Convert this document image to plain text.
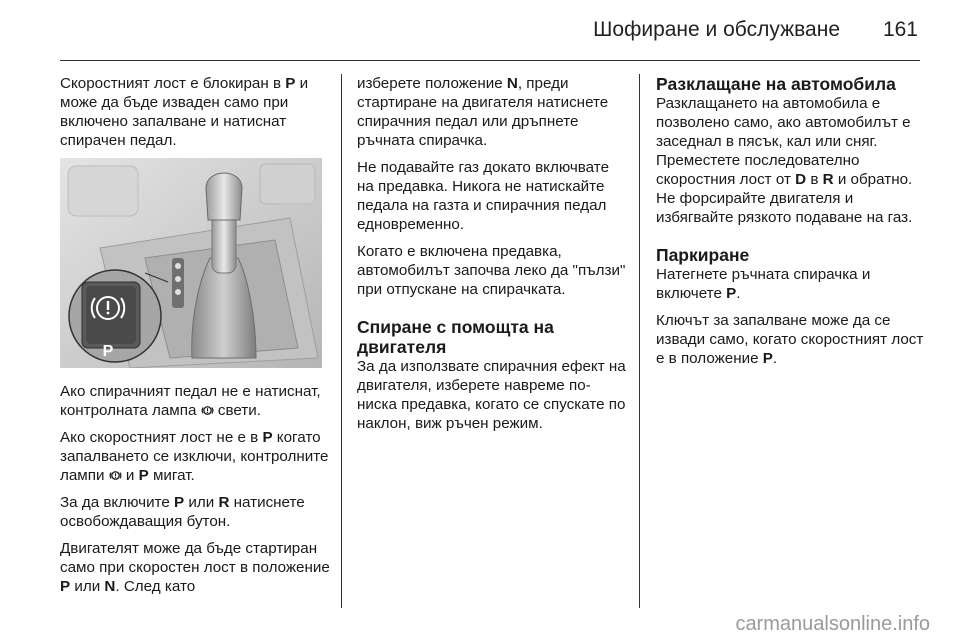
Шофиране и обслужване 161

Скоростният лост е блокиран в P и може да бъде изваден само при включено запалване и натиснат спирачен педал.

P

Ако спирачният педал не е натиснат, контролната лампа  свети.

Ако скоростният лост не е в P когато запалването се изключи, контролните лампи  и P мигат.

За да включите P или R натиснете освобождаващия бутон.

Двигателят може да бъде стартиран само при скоростен лост в положение P или N. След като

изберете положение N, преди стартиране на двигателя натиснете спирачния педал или дръпнете ръчната спирачка.

Не подавайте газ докато включвате на предавка. Никога не натискайте педала на газта и спирачния педал едновременно.

Когато е включена предавка, автомобилът започва леко да "пълзи" при отпускане на спирачката.

Спиране с помощта на двигателя

За да използвате спирачния ефект на двигателя, изберете навреме по-ниска предавка, когато се спускате по наклон, виж ръчен режим.

Разклащане на автомобила

Разклащането на автомобила е позволено само, ако автомобилът е заседнал в пясък, кал или сняг. Преместете последователно скоростния лост от D в R и обратно. Не форсирайте двигателя и избягвайте рязкото подаване на газ.

Паркиране

Натегнете ръчната спирачка и включете P.

Ключът за запалване може да се извади само, когато скоростният лост е в положение P.

carmanualsonline.info
